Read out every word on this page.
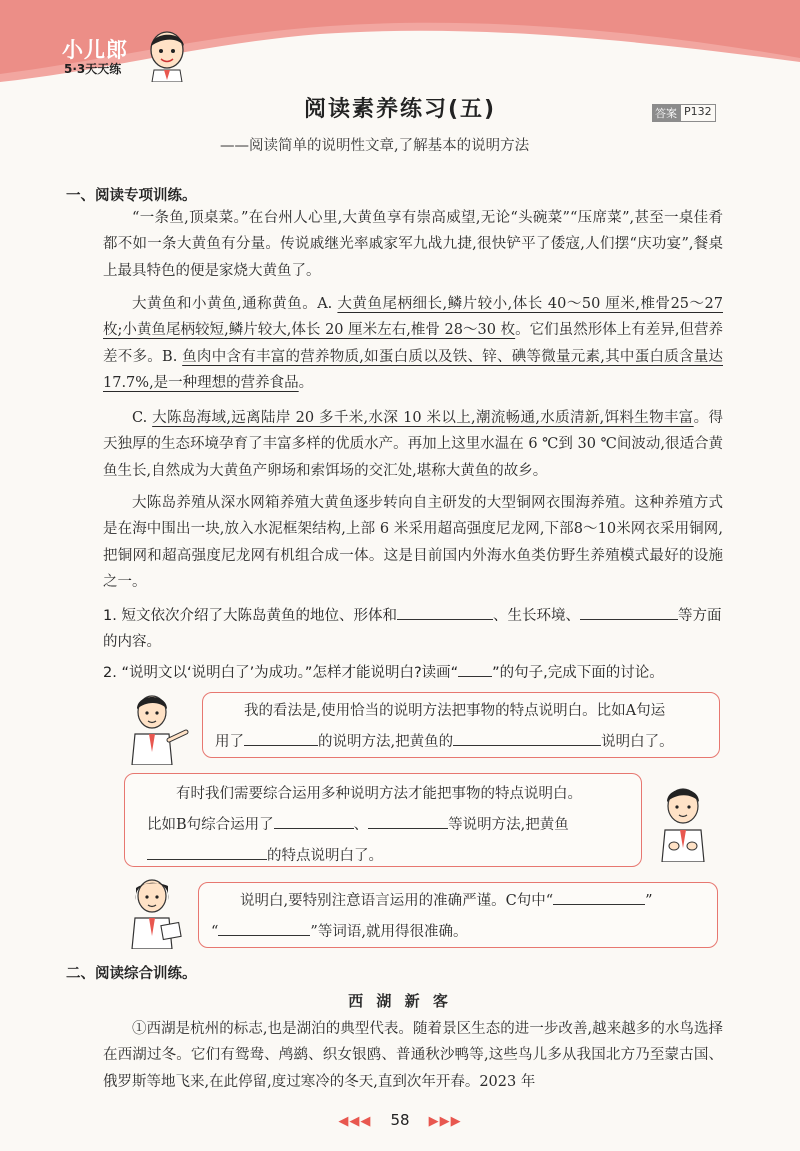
小儿郎
5·3天天练
阅读素养练习(五)	答案 P132
——阅读简单的说明性文章,了解基本的说明方法
一、阅读专项训练。

“一条鱼,顶桌菜。”在台州人心里,大黄鱼享有崇高威望,无论“头碗菜”“压席菜”,甚至一桌佳肴都不如一条大黄鱼有分量。传说戚继光率戚家军九战九捷,很快铲平了倭寇,人们摆“庆功宴”,餐桌上最具特色的便是家烧大黄鱼了。

大黄鱼和小黄鱼,通称黄鱼。A. 大黄鱼尾柄细长,鳞片较小,体长 40～50 厘米,椎骨25～27 枚;小黄鱼尾柄较短,鳞片较大,体长 20 厘米左右,椎骨 28～30 枚。它们虽然形体上有差异,但营养差不多。B. 鱼肉中含有丰富的营养物质,如蛋白质以及铁、锌、碘等微量元素,其中蛋白质含量达 17.7%,是一种理想的营养食品。

C. 大陈岛海域,远离陆岸 20 多千米,水深 10 米以上,潮流畅通,水质清新,饵料生物丰富。得天独厚的生态环境孕育了丰富多样的优质水产。再加上这里水温在 6 ℃到 30 ℃间波动,很适合黄鱼生长,自然成为大黄鱼产卵场和索饵场的交汇处,堪称大黄鱼的故乡。

大陈岛养殖从深水网箱养殖大黄鱼逐步转向自主研发的大型铜网衣围海养殖。这种养殖方式是在海中围出一块,放入水泥框架结构,上部 6 米采用超高强度尼龙网,下部8～10米网衣采用铜网,把铜网和超高强度尼龙网有机组合成一体。这是目前国内外海水鱼类仿野生养殖模式最好的设施之一。

1. 短文依次介绍了大陈岛黄鱼的地位、形体和	、生长环境、	等方面的内容。
2. “说明文以‘说明白了’为成功。”怎样才能说明白?读画“ ”的句子,完成下面的讨论。
我的看法是,使用恰当的说明方法把事物的特点说明白。比如A句运
用了	的说明方法,把黄鱼的	说明白了。
有时我们需要综合运用多种说明方法才能把事物的特点说明白。
比如B句综合运用了	、	等说明方法,把黄鱼
的特点说明白了。
说明白,要特别注意语言运用的准确严谨。C句中“	”
“	”等词语,就用得很准确。
二、阅读综合训练。
西 湖 新 客

①西湖是杭州的标志,也是湖泊的典型代表。随着景区生态的进一步改善,越来越多的水鸟选择在西湖过冬。它们有鸳鸯、鸬鹚、织女银鸥、普通秋沙鸭等,这些鸟儿多从我国北方乃至蒙古国、俄罗斯等地飞来,在此停留,度过寒冷的冬天,直到次年开春。2023 年

◀◀◀ 58 ▶▶▶
